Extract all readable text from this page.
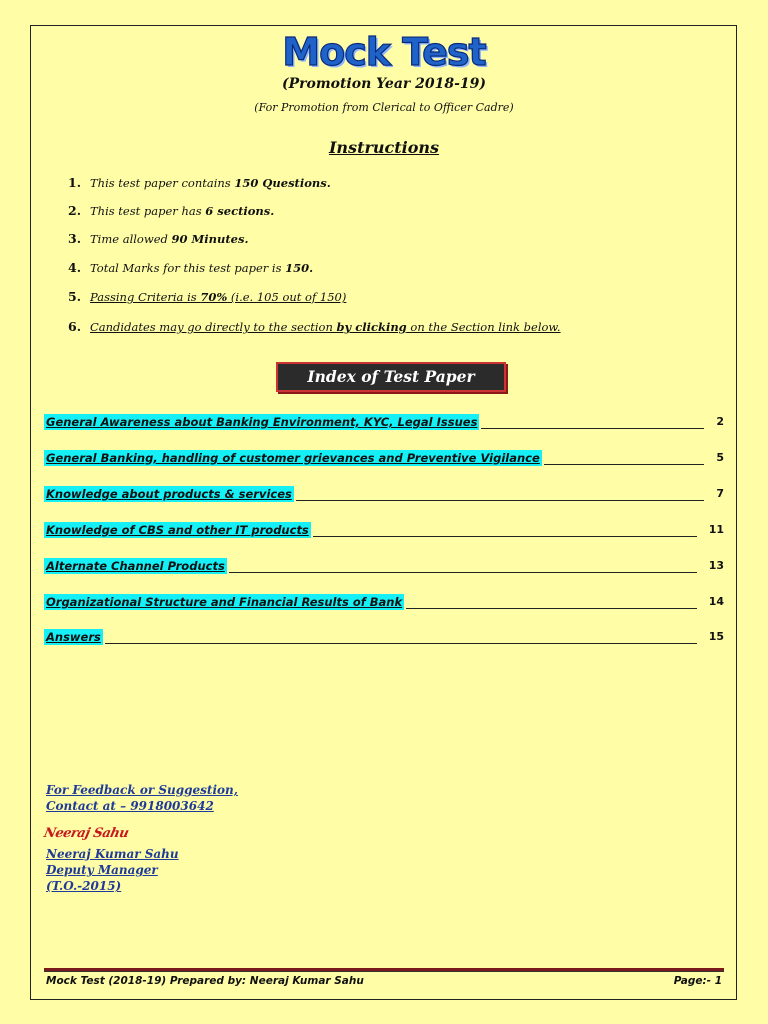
Mock Test
(Promotion Year 2018-19)
(For Promotion from Clerical to Officer Cadre)
Instructions
1. This test paper contains 150 Questions.
2. This test paper has 6 sections.
3. Time allowed 90 Minutes.
4. Total Marks for this test paper is 150.
5. Passing Criteria is 70% (i.e. 105 out of 150)
6. Candidates may go directly to the section by clicking on the Section link below.
Index of Test Paper
General Awareness about Banking Environment, KYC, Legal Issues	2
General Banking, handling of customer grievances and Preventive Vigilance	5
Knowledge about products & services	7
Knowledge of CBS and other IT products	11
Alternate Channel Products	13
Organizational Structure and Financial Results of Bank	14
Answers	15
For Feedback or Suggestion,
Contact at – 9918003642
Neeraj Sahu
Neeraj Kumar Sahu
Deputy Manager
(T.O.-2015)
Mock Test (2018-19) Prepared by: Neeraj Kumar Sahu	Page:- 1
